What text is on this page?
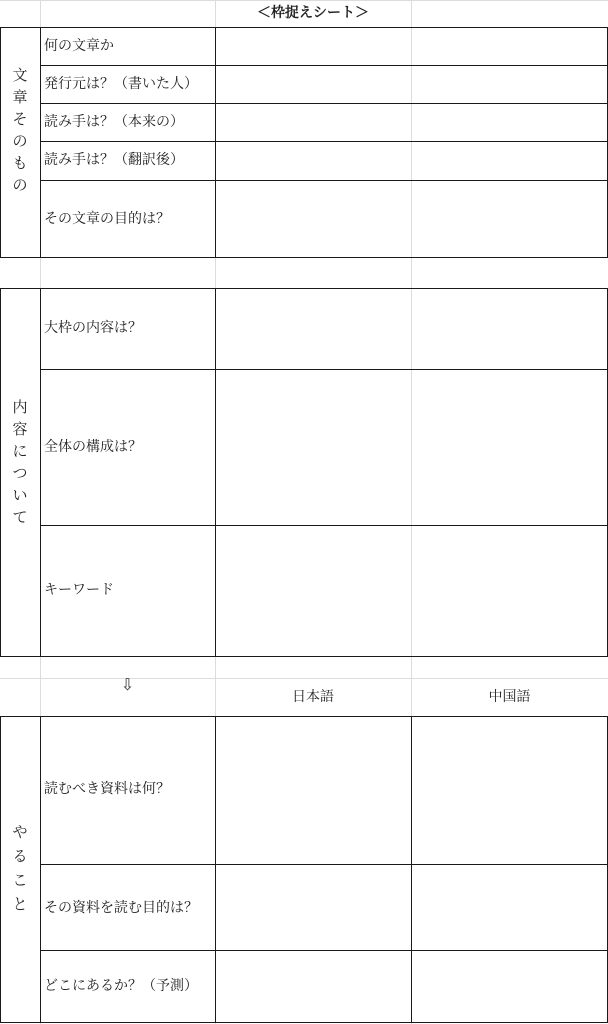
＜枠捉えシート＞
文
章
そ
の
も
の
何の文章か
発行元は？（書いた人）
読み手は？（本来の）
読み手は？（翻訳後）
その文章の目的は？
内
容
に
つ
い
て
大枠の内容は？
全体の構成は？
キーワード
⇩
日本語	中国語
や
る
こ
と
読むべき資料は何？
その資料を読む目的は？
どこにあるか？（予測）
